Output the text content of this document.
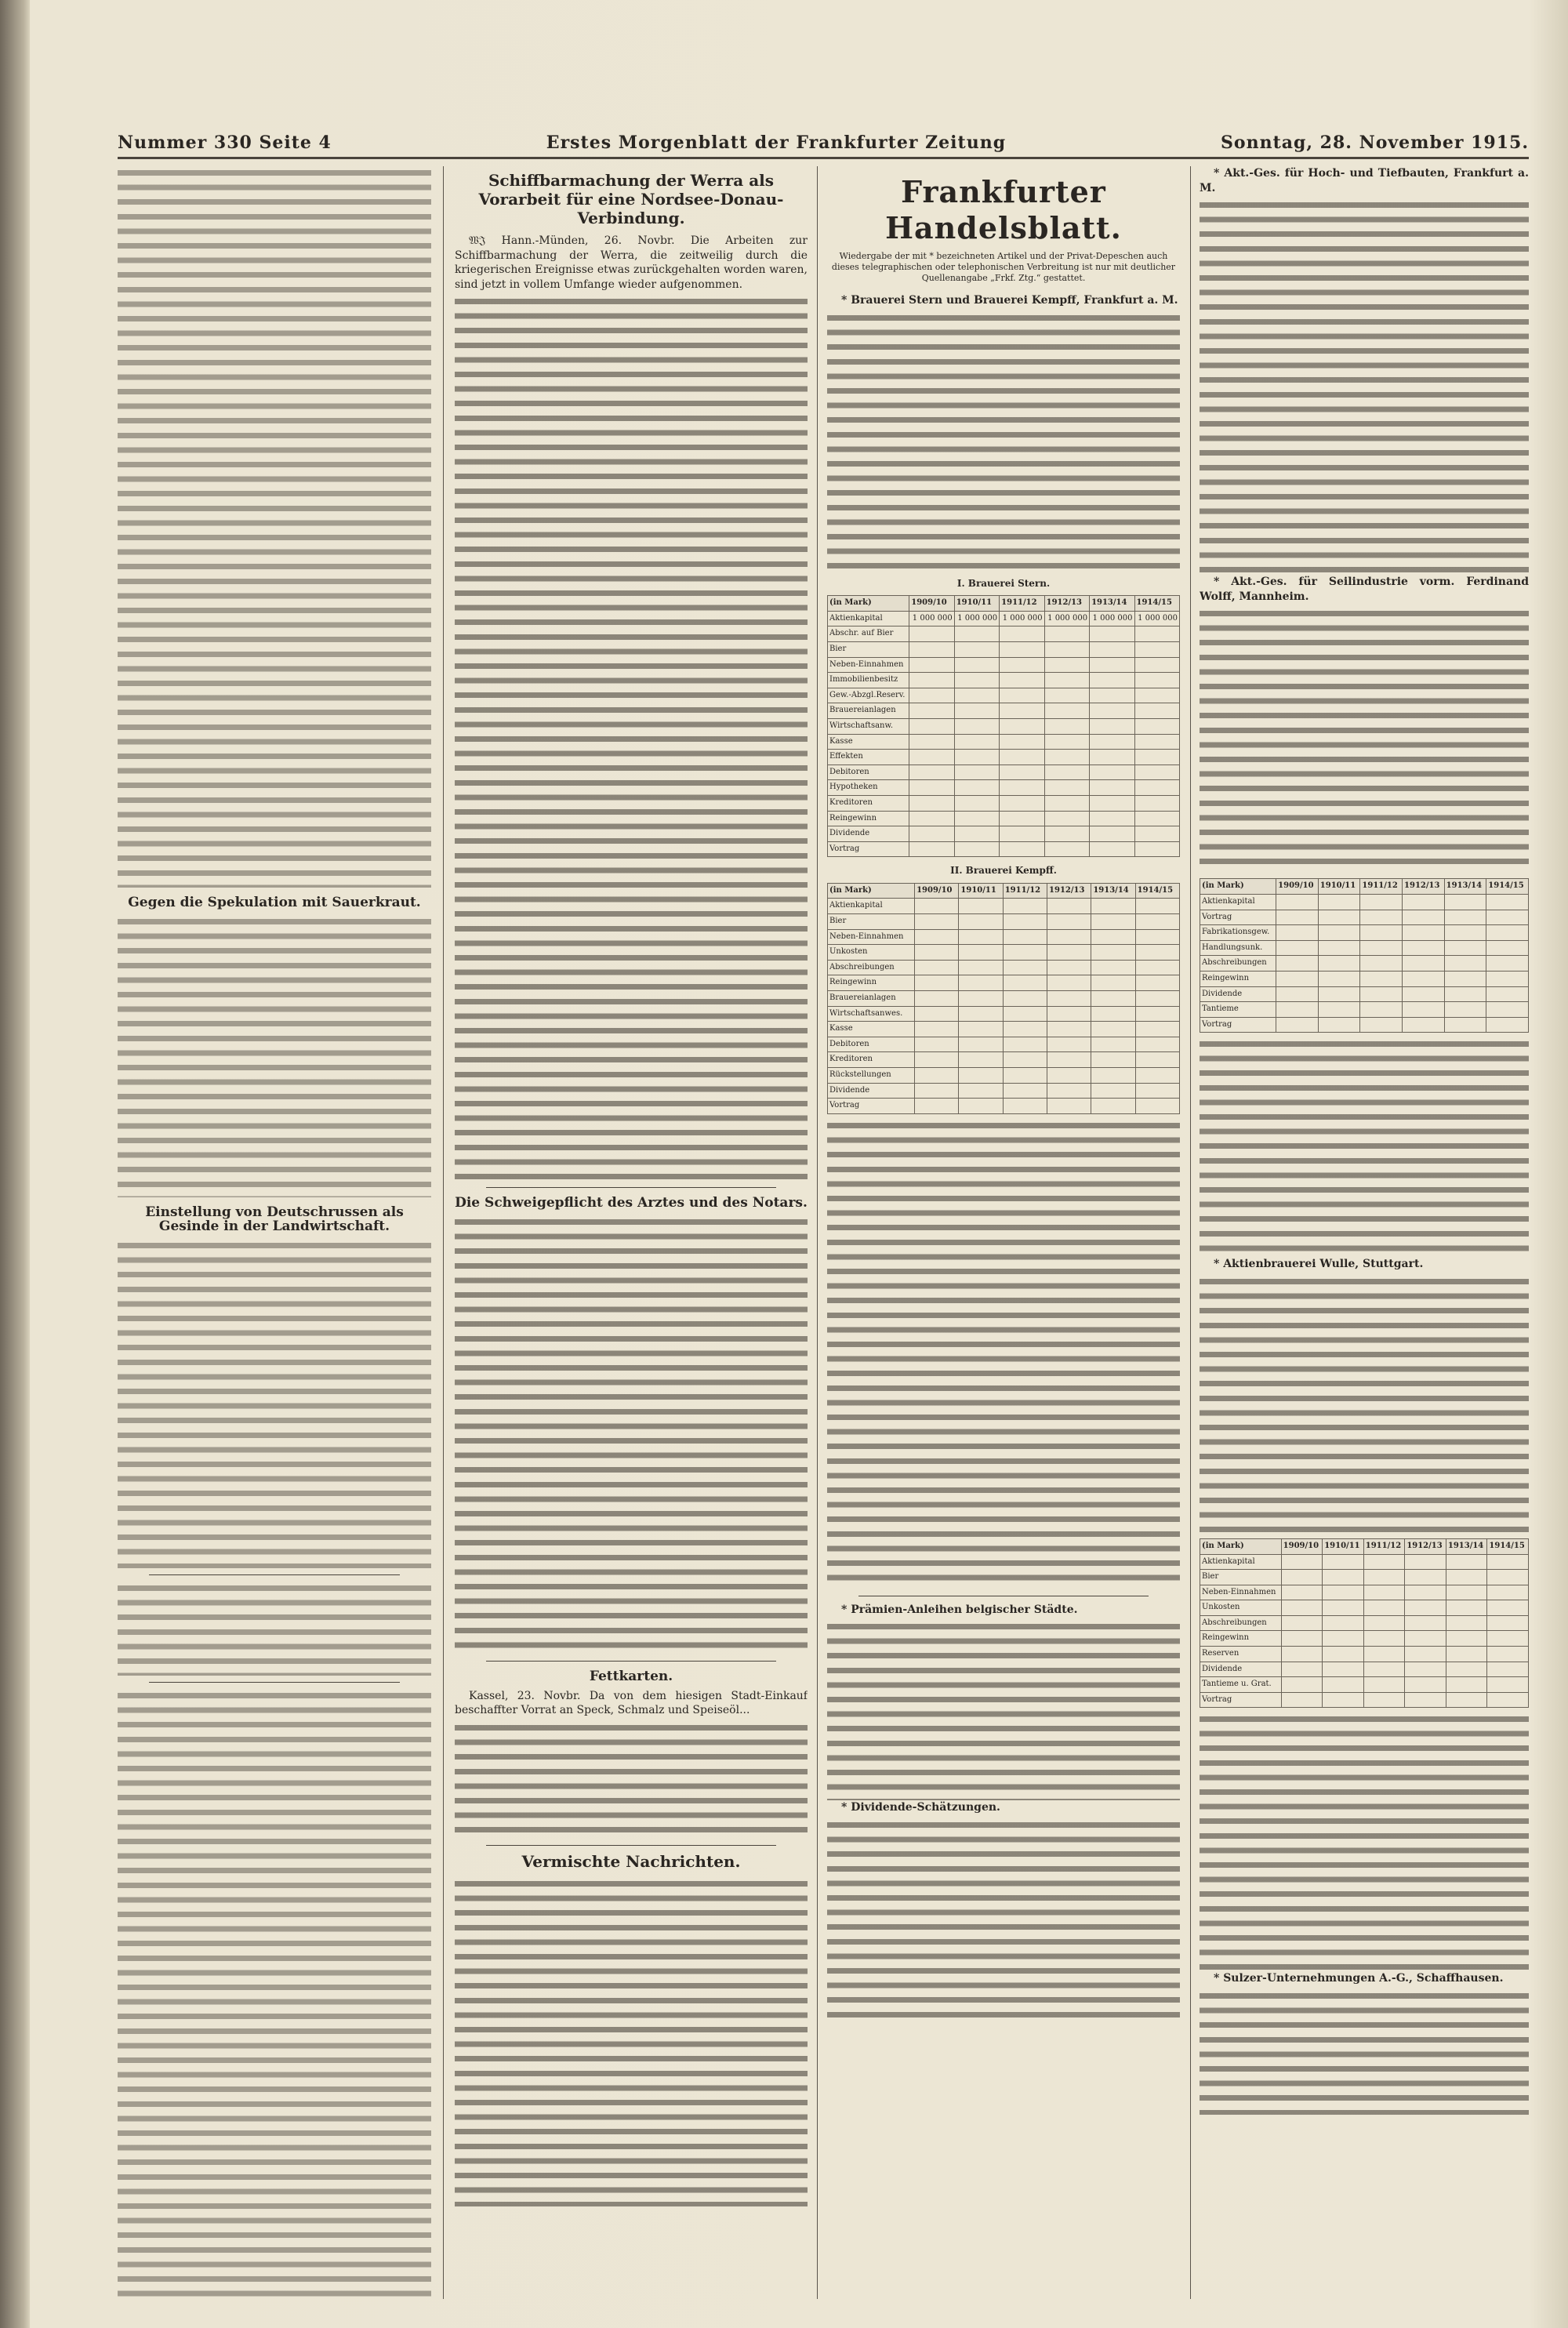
Nummer 330 Seite 4	Erstes Morgenblatt der Frankfurter Zeitung	Sonntag, 28. November 1915.
Gegen die Spekulation mit Sauerkraut.
Einstellung von Deutschrussen als Gesinde in der Landwirtschaft.
Schiffbarmachung der Werra als Vorarbeit für eine Nordsee-Donau-Verbindung.

𝔚𝔍 Hann.-Münden, 26. Novbr. Die Arbeiten zur Schiffbarmachung der Werra, die zeitweilig durch die kriegerischen Ereignisse etwas zurückgehalten worden waren, sind jetzt in vollem Umfange wieder aufgenommen.

Die Schweigepflicht des Arztes und des Notars.
Fettkarten.

Kassel, 23. Novbr. Da von dem hiesigen Stadt-Einkauf beschaffter Vorrat an Speck, Schmalz und Speiseöl...

Vermischte Nachrichten.
Frankfurter Handelsblatt.
Wiedergabe der mit * bezeichneten Artikel und der Privat-Depeschen auch dieses telegraphischen oder telephonischen Verbreitung ist nur mit deutlicher Quellenangabe „Frkf. Ztg.“ gestattet.

* Brauerei Stern und Brauerei Kempff, Frankfurt a. M.

I. Brauerei Stern.
(in Mark)	1909/10	1910/11	1911/12	1912/13	1913/14	1914/15
Aktienkapital	1 000 000	1 000 000	1 000 000	1 000 000	1 000 000	1 000 000
Abschr. auf Bier						
Bier						
Neben-Einnahmen						
Immobilienbesitz						
Gew.-Abzgl.Reserv.						
Brauereianlagen						
Wirtschaftsanw.						
Kasse						
Effekten						
Debitoren						
Hypotheken						
Kreditoren						
Reingewinn						
Dividende						
Vortrag						
II. Brauerei Kempff.
(in Mark)	1909/10	1910/11	1911/12	1912/13	1913/14	1914/15
Aktienkapital						
Bier						
Neben-Einnahmen						
Unkosten						
Abschreibungen						
Reingewinn						
Brauereianlagen						
Wirtschaftsanwes.						
Kasse						
Debitoren						
Kreditoren						
Rückstellungen						
Dividende						
Vortrag						

* Prämien-Anleihen belgischer Städte.

* Dividende-Schätzungen.

* Akt.-Ges. für Hoch- und Tiefbauten, Frankfurt a. M.

* Akt.-Ges. für Seilindustrie vorm. Ferdinand Wolff, Mannheim.

(in Mark)	1909/10	1910/11	1911/12	1912/13	1913/14	1914/15
Aktienkapital						
Vortrag						
Fabrikationsgew.						
Handlungsunk.						
Abschreibungen						
Reingewinn						
Dividende						
Tantieme						
Vortrag						

* Aktienbrauerei Wulle, Stuttgart.

(in Mark)	1909/10	1910/11	1911/12	1912/13	1913/14	1914/15
Aktienkapital						
Bier						
Neben-Einnahmen						
Unkosten						
Abschreibungen						
Reingewinn						
Reserven						
Dividende						
Tantieme u. Grat.						
Vortrag						

* Sulzer-Unternehmungen A.-G., Schaffhausen.
